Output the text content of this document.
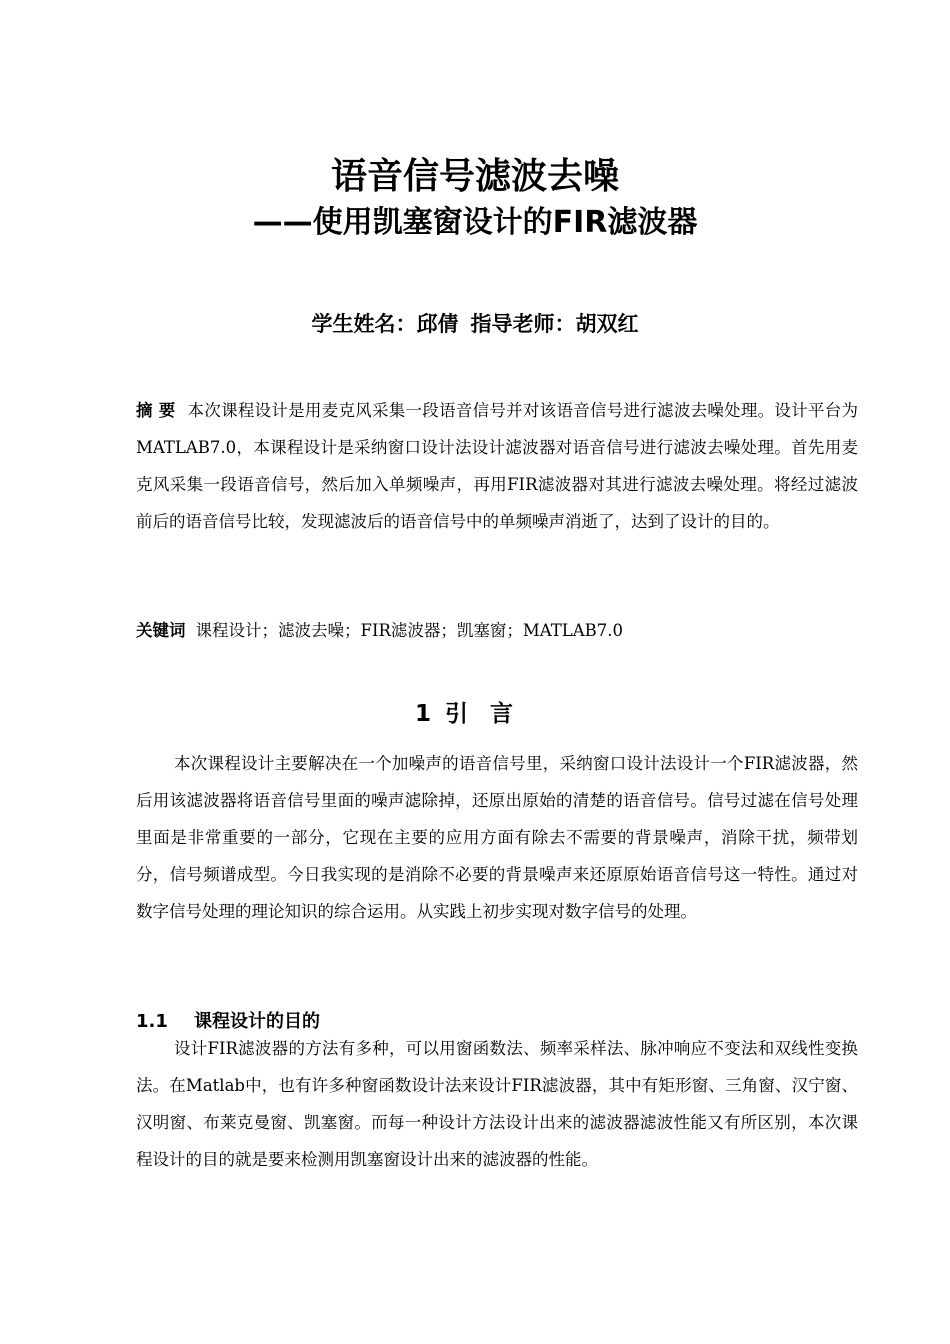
语音信号滤波去噪
——使用凯塞窗设计的FIR滤波器
学生姓名：邱倩 指导老师：胡双红
摘要 本次课程设计是用麦克风采集一段语音信号并对该语音信号进行滤波去噪处理。设计平台为MATLAB7.0，本课程设计是采纳窗口设计法设计滤波器对语音信号进行滤波去噪处理。首先用麦克风采集一段语音信号，然后加入单频噪声，再用FIR滤波器对其进行滤波去噪处理。将经过滤波前后的语音信号比较，发现滤波后的语音信号中的单频噪声消逝了，达到了设计的目的。
关键词 课程设计；滤波去噪；FIR滤波器；凯塞窗；MATLAB7.0
1 引言
本次课程设计主要解决在一个加噪声的语音信号里，采纳窗口设计法设计一个FIR滤波器，然后用该滤波器将语音信号里面的噪声滤除掉，还原出原始的清楚的语音信号。信号过滤在信号处理里面是非常重要的一部分，它现在主要的应用方面有除去不需要的背景噪声，消除干扰，频带划分，信号频谱成型。今日我实现的是消除不必要的背景噪声来还原原始语音信号这一特性。通过对数字信号处理的理论知识的综合运用。从实践上初步实现对数字信号的处理。
1.1 课程设计的目的
设计FIR滤波器的方法有多种，可以用窗函数法、频率采样法、脉冲响应不变法和双线性变换法。在Matlab中，也有许多种窗函数设计法来设计FIR滤波器，其中有矩形窗、三角窗、汉宁窗、汉明窗、布莱克曼窗、凯塞窗。而每一种设计方法设计出来的滤波器滤波性能又有所区别，本次课程设计的目的就是要来检测用凯塞窗设计出来的滤波器的性能。
